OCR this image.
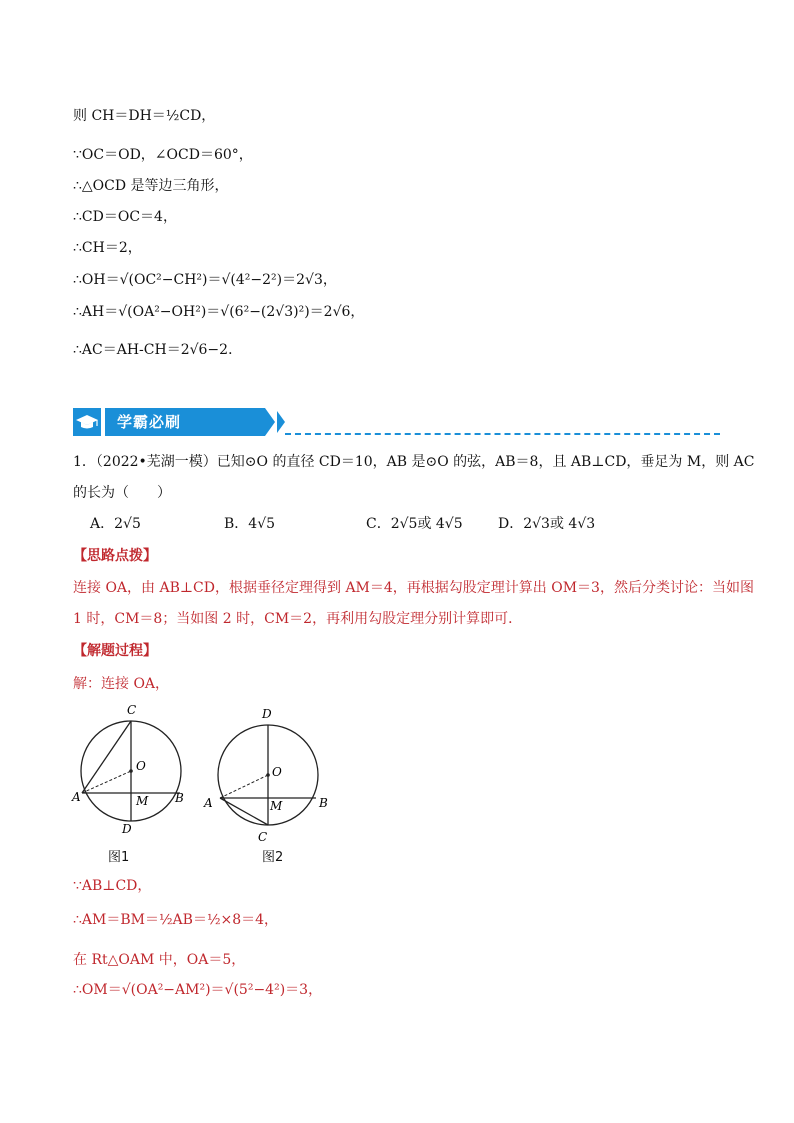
则 CH＝DH＝½CD，
∵OC＝OD，∠OCD＝60°，
∴△OCD 是等边三角形，
∴CD＝OC＝4，
∴CH＝2，
∴OH＝√(OC²−CH²)＝√(4²−2²)＝2√3，
∴AH＝√(OA²−OH²)＝√(6²−(2√3)²)＝2√6，
∴AC＝AH-CH＝2√6−2．
学霸必刷
1．（2022•芜湖一模）已知⊙O 的直径 CD＝10，AB 是⊙O 的弦，AB＝8，且 AB⊥CD，垂足为 M，则 AC
的长为（　　）
A．2√5	B．4√5	C．2√5或 4√5	D．2√3或 4√3
【思路点拨】
连接 OA，由 AB⊥CD，根据垂径定理得到 AM＝4，再根据勾股定理计算出 OM＝3，然后分类讨论：当如图
1 时，CM＝8；当如图 2 时，CM＝2，再利用勾股定理分别计算即可．
【解题过程】
解：连接 OA，
C
O
A	M B
D
图1
D
O
A	M	B
C
图2
∵AB⊥CD，
∴AM＝BM＝½AB＝½×8＝4，
在 Rt△OAM 中，OA＝5，
∴OM＝√(OA²−AM²)＝√(5²−4²)＝3，
